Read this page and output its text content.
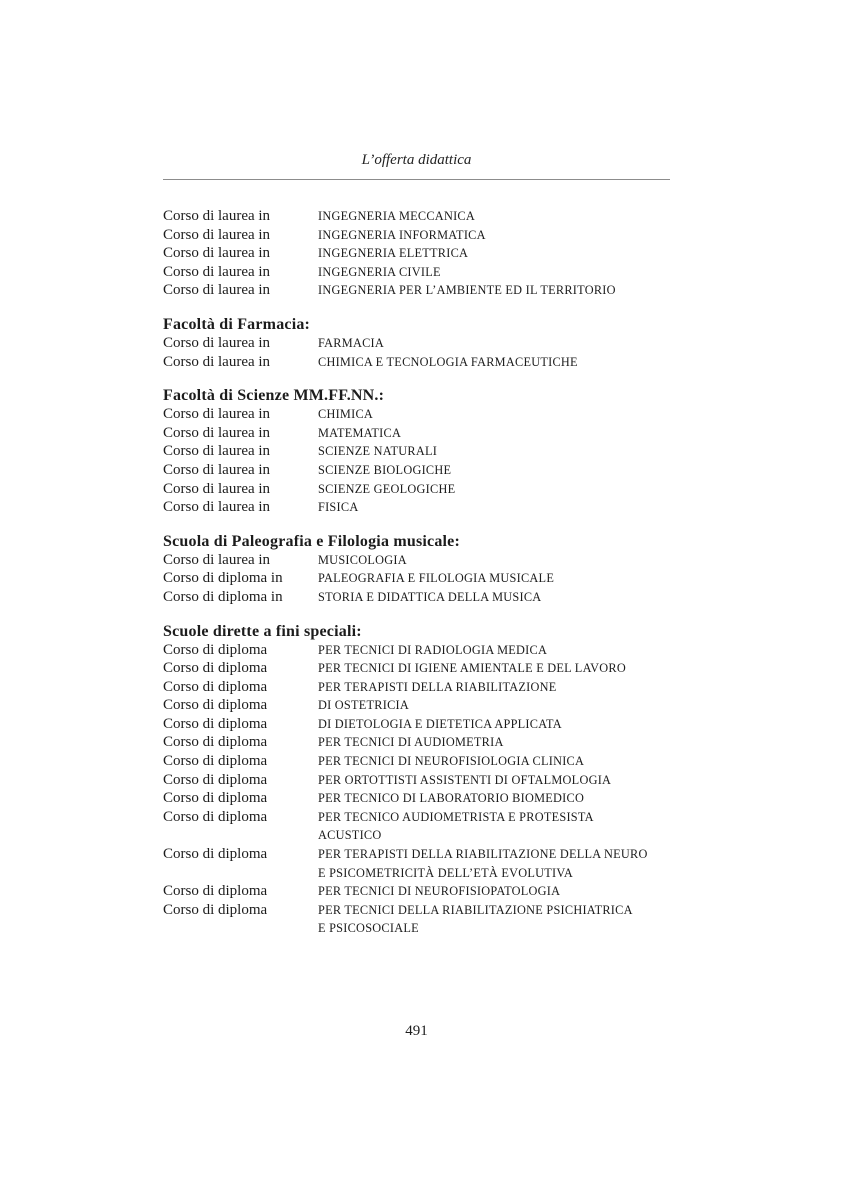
L’offerta didattica
Corso di laurea in	INGEGNERIA MECCANICA
Corso di laurea in	INGEGNERIA INFORMATICA
Corso di laurea in	INGEGNERIA ELETTRICA
Corso di laurea in	INGEGNERIA CIVILE
Corso di laurea in	INGEGNERIA PER L’AMBIENTE ED IL TERRITORIO
Facoltà di Farmacia:
Corso di laurea in	FARMACIA
Corso di laurea in	CHIMICA E TECNOLOGIA FARMACEUTICHE
Facoltà di Scienze MM.FF.NN.:
Corso di laurea in	CHIMICA
Corso di laurea in	MATEMATICA
Corso di laurea in	SCIENZE NATURALI
Corso di laurea in	SCIENZE BIOLOGICHE
Corso di laurea in	SCIENZE GEOLOGICHE
Corso di laurea in	FISICA
Scuola di Paleografia e Filologia musicale:
Corso di laurea in	MUSICOLOGIA
Corso di diploma in	PALEOGRAFIA E FILOLOGIA MUSICALE
Corso di diploma in	STORIA E DIDATTICA DELLA MUSICA
Scuole dirette a fini speciali:
Corso di diploma	PER TECNICI DI RADIOLOGIA MEDICA
Corso di diploma	PER TECNICI DI IGIENE AMIENTALE E DEL LAVORO
Corso di diploma	PER TERAPISTI DELLA RIABILITAZIONE
Corso di diploma	DI OSTETRICIA
Corso di diploma	DI DIETOLOGIA E DIETETICA APPLICATA
Corso di diploma	PER TECNICI DI AUDIOMETRIA
Corso di diploma	PER TECNICI DI NEUROFISIOLOGIA CLINICA
Corso di diploma	PER ORTOTTISTI ASSISTENTI DI OFTALMOLOGIA
Corso di diploma	PER TECNICO DI LABORATORIO BIOMEDICO
Corso di diploma	PER TECNICO AUDIOMETRISTA E PROTESISTA
ACUSTICO
Corso di diploma	PER TERAPISTI DELLA RIABILITAZIONE DELLA NEURO
E PSICOMETRICITÀ DELL’ETÀ EVOLUTIVA
Corso di diploma	PER TECNICI DI NEUROFISIOPATOLOGIA
Corso di diploma	PER TECNICI DELLA RIABILITAZIONE PSICHIATRICA
E PSICOSOCIALE
491
